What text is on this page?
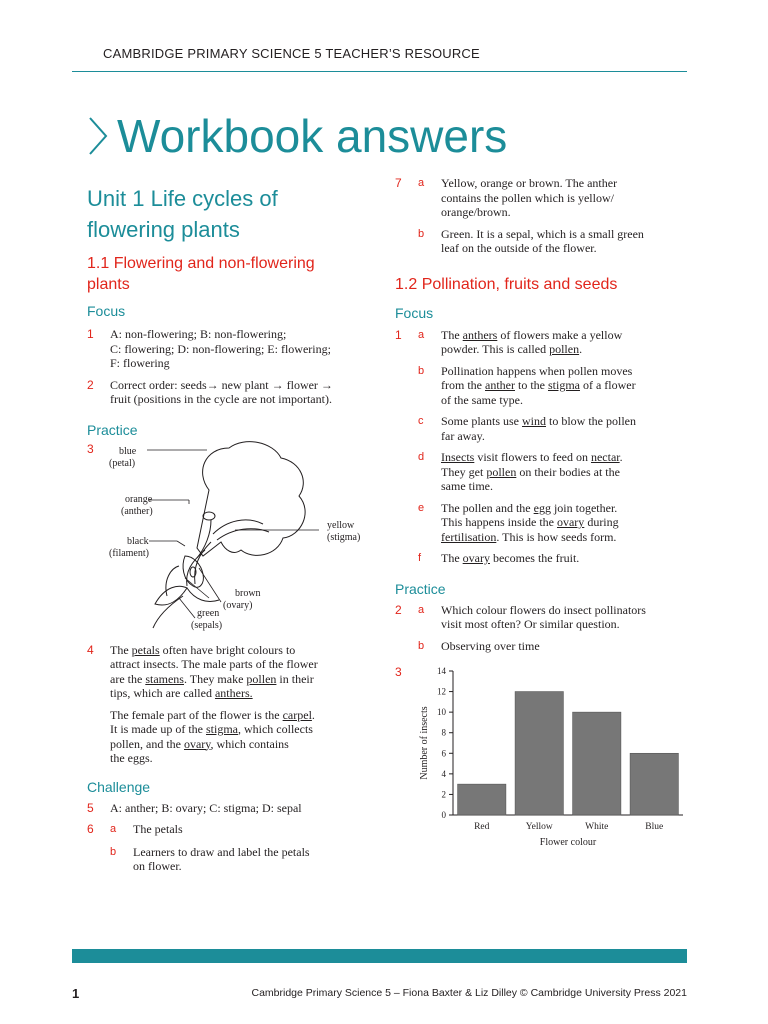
CAMBRIDGE PRIMARY SCIENCE 5 TEACHER’S RESOURCE
Workbook answers
Unit 1 Life cycles of
flowering plants
1.1 Flowering and non-flowering
plants
Focus
1 A: non-flowering; B: non-flowering;
C: flowering; D: non-flowering; E: flowering;
F: flowering
2 Correct order: seeds→ new plant → flower →
fruit (positions in the cycle are not important).
Practice
3	blue
(petal)
orange
(anther)
black
(filament)
yellow
(stigma)
brown
(ovary)
green
(sepals)
4 The petals often have bright colours to
attract insects. The male parts of the flower
are the stamens. They make pollen in their
tips, which are called anthers.
The female part of the flower is the carpel.
It is made up of the stigma, which collects
pollen, and the ovary, which contains
the eggs.
Challenge
5 A: anther; B: ovary; C: stigma; D: sepal
6 a The petals
b Learners to draw and label the petals
on flower.
7 a Yellow, orange or brown. The anther
contains the pollen which is yellow/
orange/brown.
b Green. It is a sepal, which is a small green
leaf on the outside of the flower.
1.2 Pollination, fruits and seeds
Focus
1 a The anthers of flowers make a yellow
powder. This is called pollen.
b Pollination happens when pollen moves
from the anther to the stigma of a flower
of the same type.
c Some plants use wind to blow the pollen
far away.
d Insects visit flowers to feed on nectar.
They get pollen on their bodies at the
same time.
e The pollen and the egg join together.
This happens inside the ovary during
fertilisation. This is how seeds form.
f The ovary becomes the fruit.
Practice
2 a Which colour flowers do insect pollinators
visit most often? Or similar question.
b Observing over time
3
0
2
4
6
8
10
12
14
Red	Yellow	White	Blue
Flower colour
Number of insects
1	Cambridge Primary Science 5 – Fiona Baxter & Liz Dilley © Cambridge University Press 2021
